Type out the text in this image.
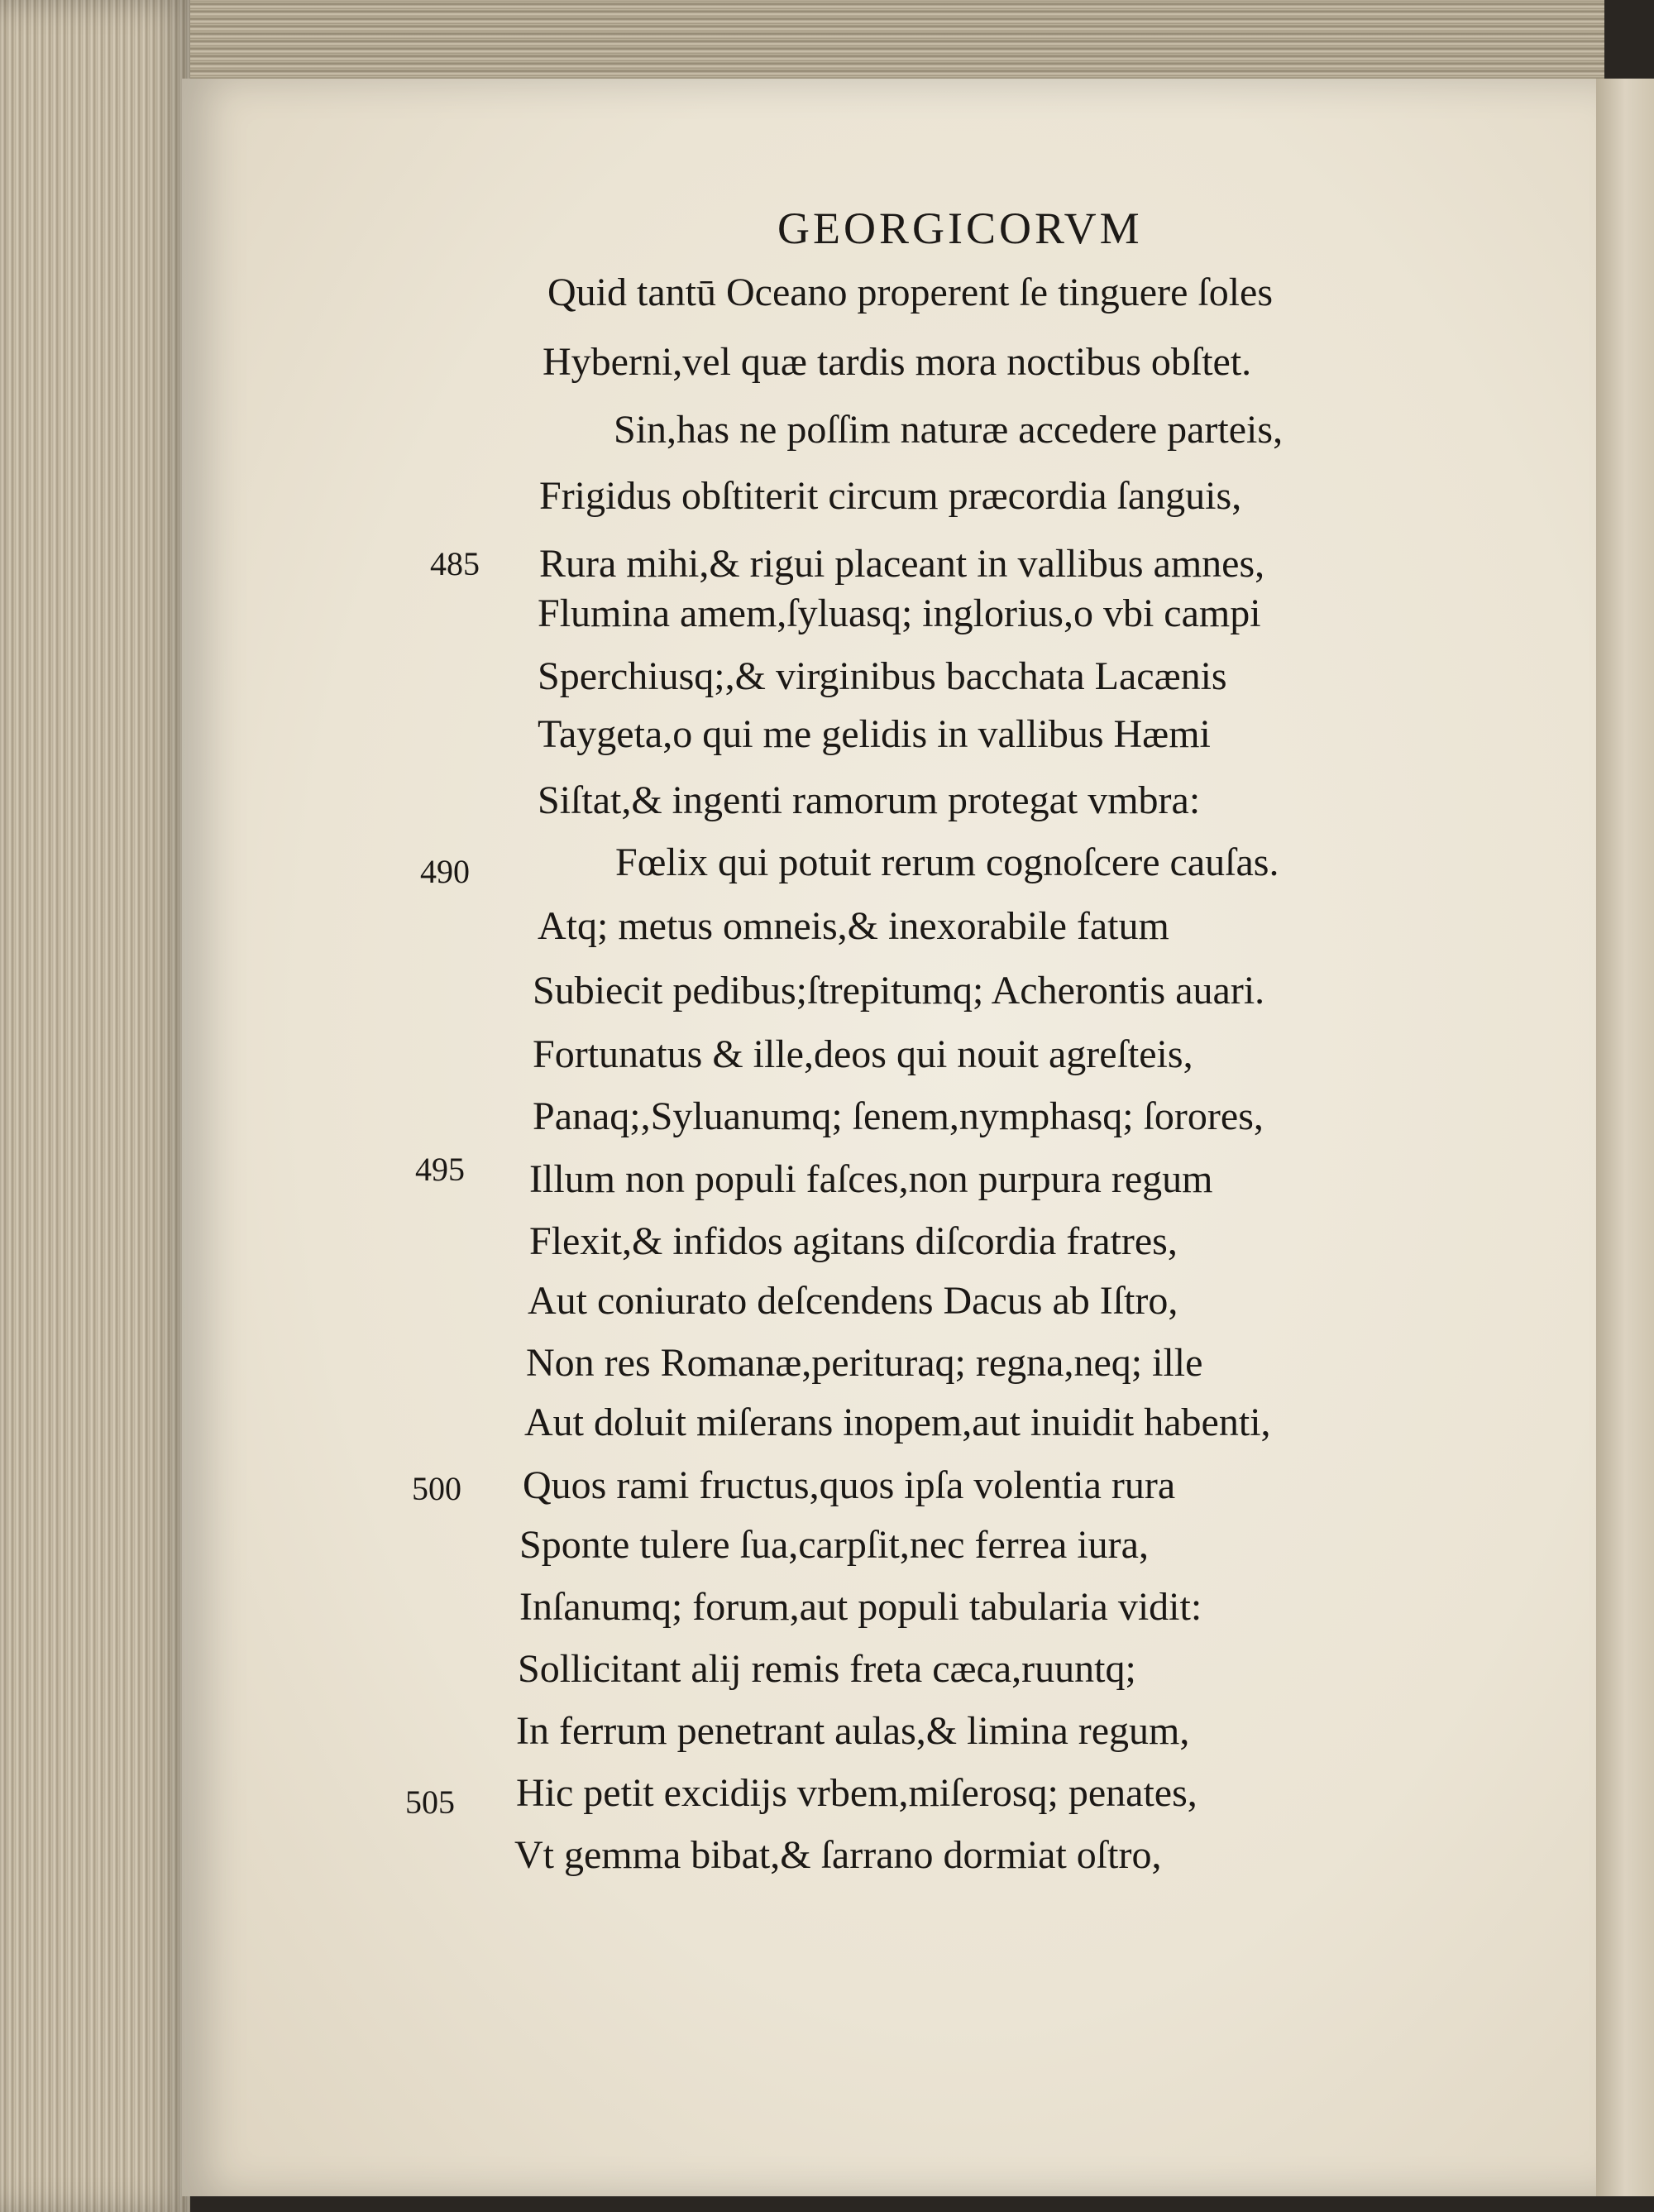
GEORGICORVM
Quid tantū Oceano properent ſe tinguere ſoles
Hyberni,vel quæ tardis mora noctibus obſtet.
Sin,has ne poſſim naturæ accedere parteis,
Frigidus obſtiterit circum præcordia ſanguis,
Rura mihi,& rigui placeant in vallibus amnes,
Flumina amem,ſyluasq; inglorius,o vbi campi
Sperchiusq;,& virginibus bacchata Lacænis
Taygeta,o qui me gelidis in vallibus Hæmi
Siſtat,& ingenti ramorum protegat vmbra:
Fœlix qui potuit rerum cognoſcere cauſas.
Atq; metus omneis,& inexorabile fatum
Subiecit pedibus;ſtrepitumq; Acherontis auari.
Fortunatus & ille,deos qui nouit agreſteis,
Panaq;,Syluanumq; ſenem,nymphasq; ſorores,
Illum non populi faſces,non purpura regum
Flexit,& infidos agitans diſcordia fratres,
Aut coniurato deſcendens Dacus ab Iſtro,
Non res Romanæ,perituraq; regna,neq; ille
Aut doluit miſerans inopem,aut inuidit habenti,
Quos rami fructus,quos ipſa volentia rura
Sponte tulere ſua,carpſit,nec ferrea iura,
Inſanumq; forum,aut populi tabularia vidit:
Sollicitant alij remis freta cæca,ruuntq;
In ferrum penetrant aulas,& limina regum,
Hic petit excidijs vrbem,miſerosq; penates,
Vt gemma bibat,& ſarrano dormiat oſtro,
485
490
495
500
505
